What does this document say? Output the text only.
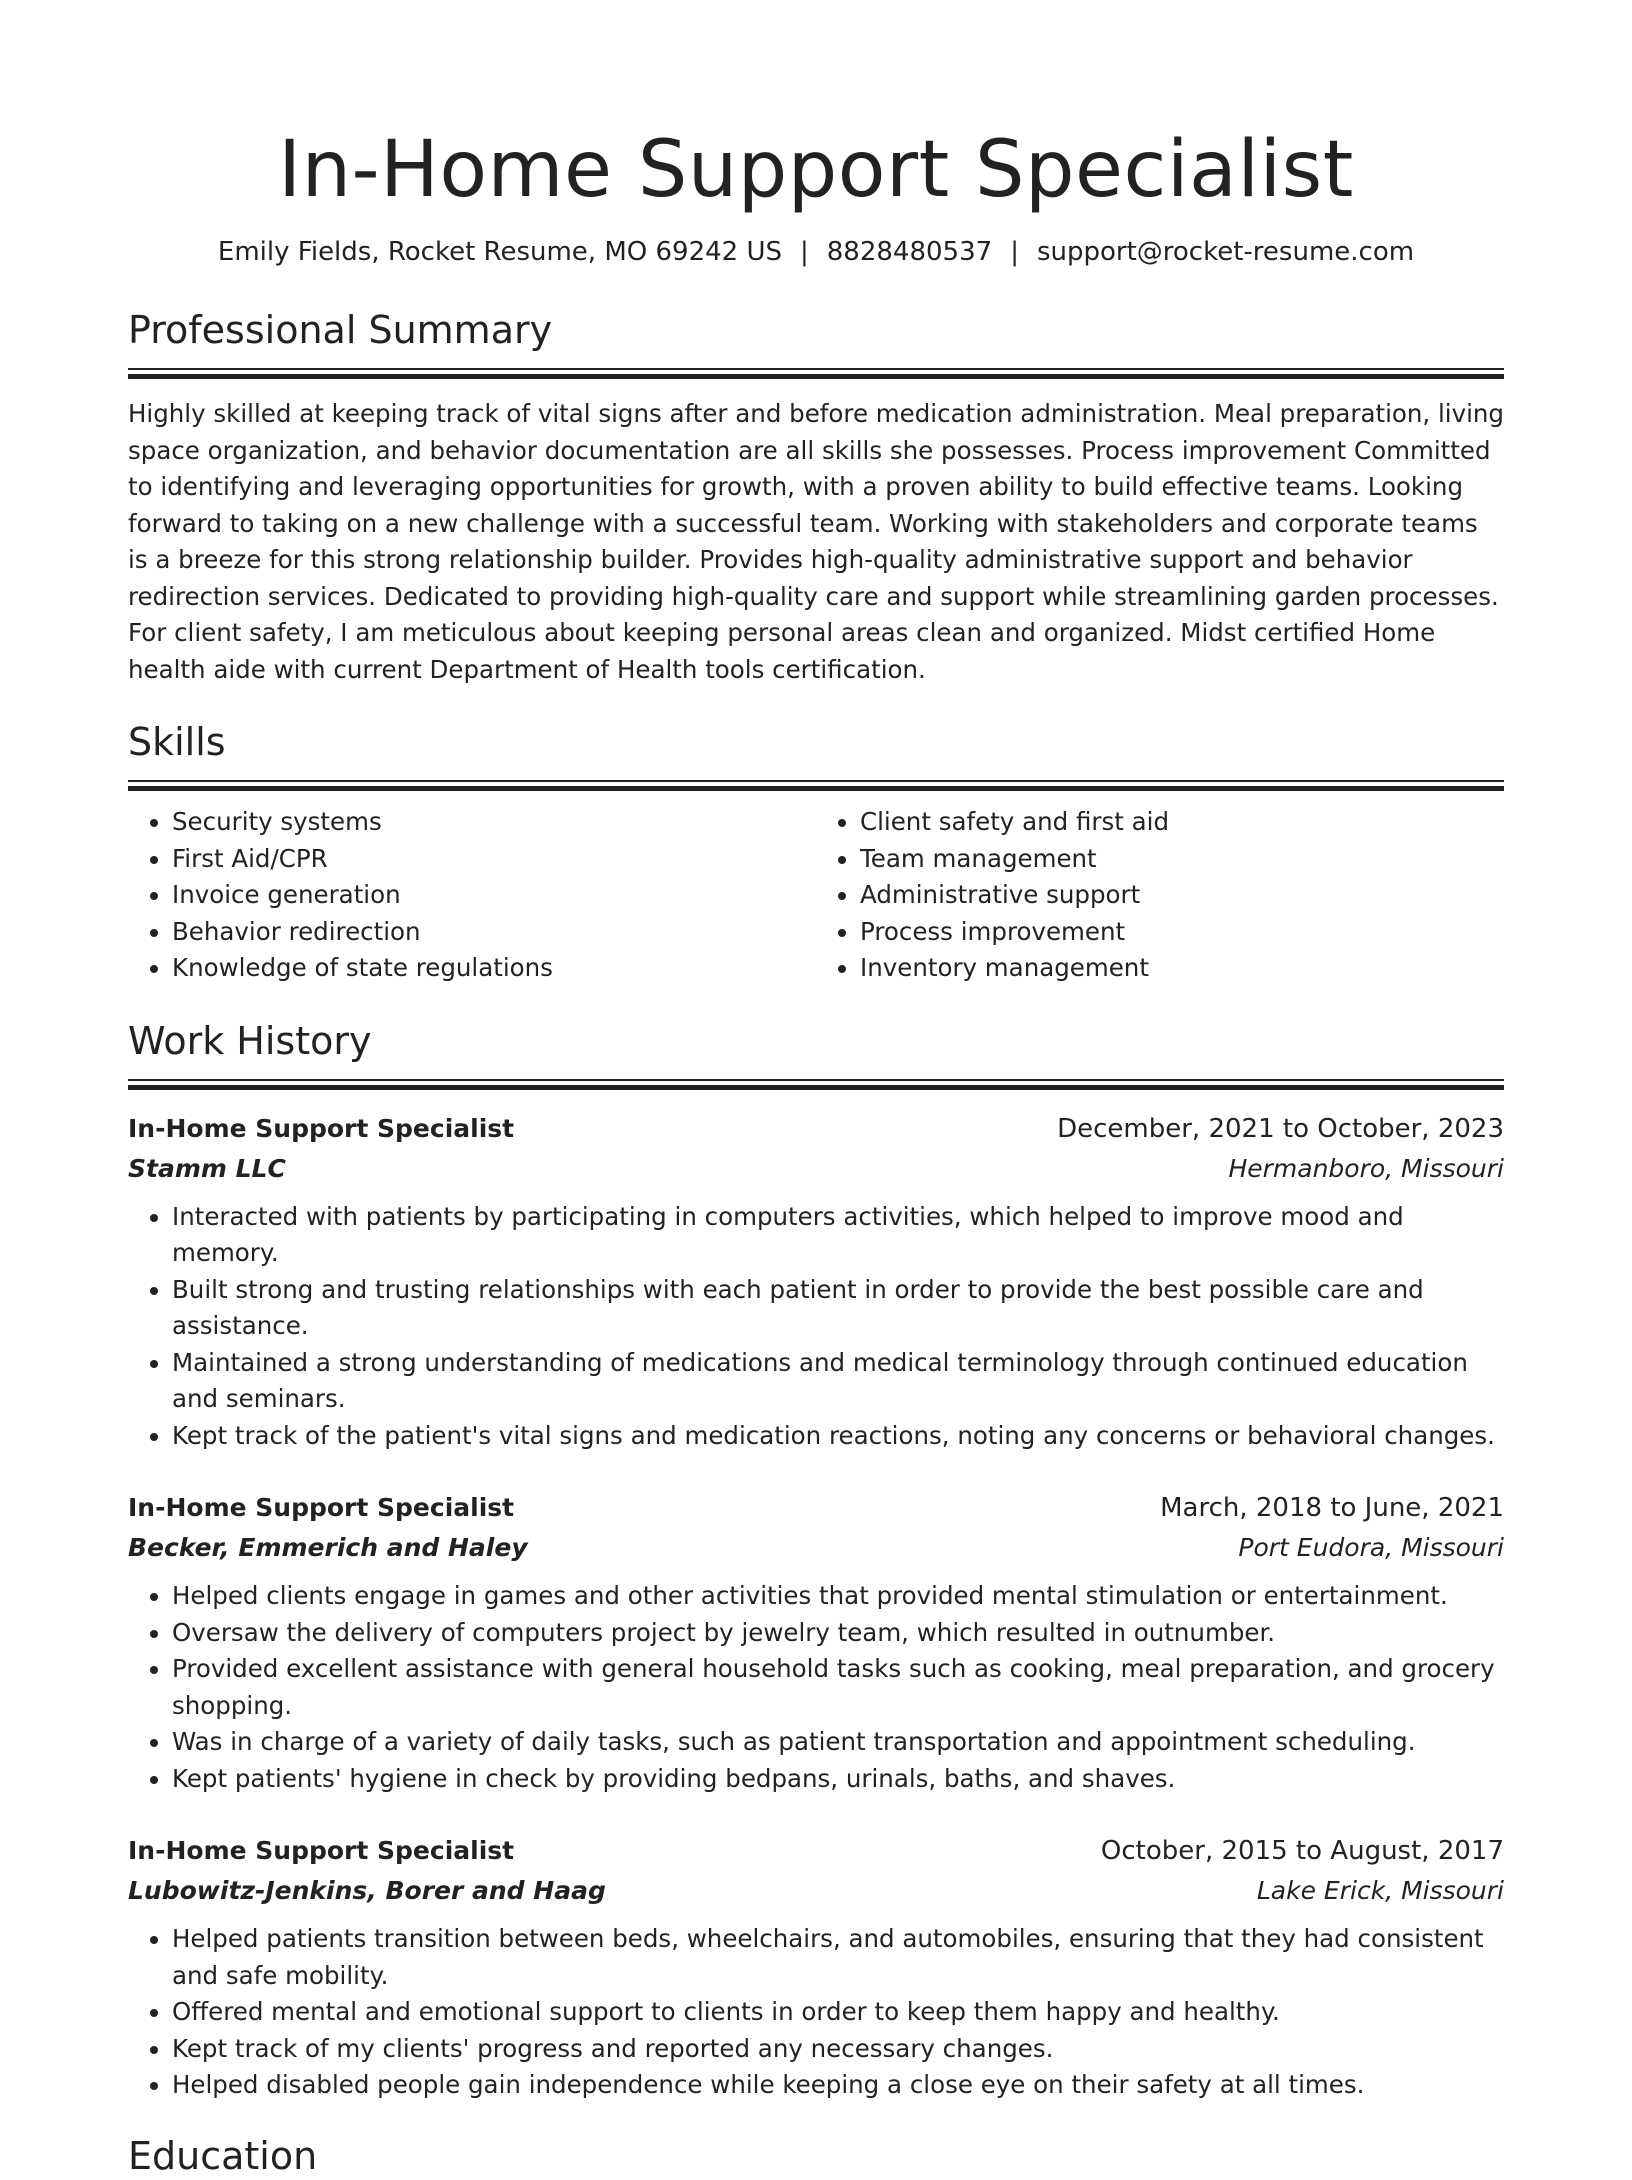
In-Home Support Specialist
Emily Fields, Rocket Resume, MO 69242 US | 8828480537 | support@rocket-resume.com
Professional Summary

Highly skilled at keeping track of vital signs after and before medication administration. Meal preparation, living space organization, and behavior documentation are all skills she possesses. Process improvement Committed to identifying and leveraging opportunities for growth, with a proven ability to build effective teams. Looking forward to taking on a new challenge with a successful team. Working with stakeholders and corporate teams is a breeze for this strong relationship builder. Provides high-quality administrative support and behavior redirection services. Dedicated to providing high-quality care and support while streamlining garden processes. For client safety, I am meticulous about keeping personal areas clean and organized. Midst certified Home health aide with current Department of Health tools certification.

Skills
• Security systems
• First Aid/CPR
• Invoice generation
• Behavior redirection
• Knowledge of state regulations
• Client safety and first aid
• Team management
• Administrative support
• Process improvement
• Inventory management
Work History
In-Home Support Specialist	December, 2021 to October, 2023
Stamm LLC	Hermanboro, Missouri
• Interacted with patients by participating in computers activities, which helped to improve mood and memory.
• Built strong and trusting relationships with each patient in order to provide the best possible care and assistance.
• Maintained a strong understanding of medications and medical terminology through continued education and seminars.
• Kept track of the patient's vital signs and medication reactions, noting any concerns or behavioral changes.
In-Home Support Specialist	March, 2018 to June, 2021
Becker, Emmerich and Haley	Port Eudora, Missouri
• Helped clients engage in games and other activities that provided mental stimulation or entertainment.
• Oversaw the delivery of computers project by jewelry team, which resulted in outnumber.
• Provided excellent assistance with general household tasks such as cooking, meal preparation, and grocery shopping.
• Was in charge of a variety of daily tasks, such as patient transportation and appointment scheduling.
• Kept patients' hygiene in check by providing bedpans, urinals, baths, and shaves.
In-Home Support Specialist	October, 2015 to August, 2017
Lubowitz-Jenkins, Borer and Haag	Lake Erick, Missouri
• Helped patients transition between beds, wheelchairs, and automobiles, ensuring that they had consistent and safe mobility.
• Offered mental and emotional support to clients in order to keep them happy and healthy.
• Kept track of my clients' progress and reported any necessary changes.
• Helped disabled people gain independence while keeping a close eye on their safety at all times.
Education
